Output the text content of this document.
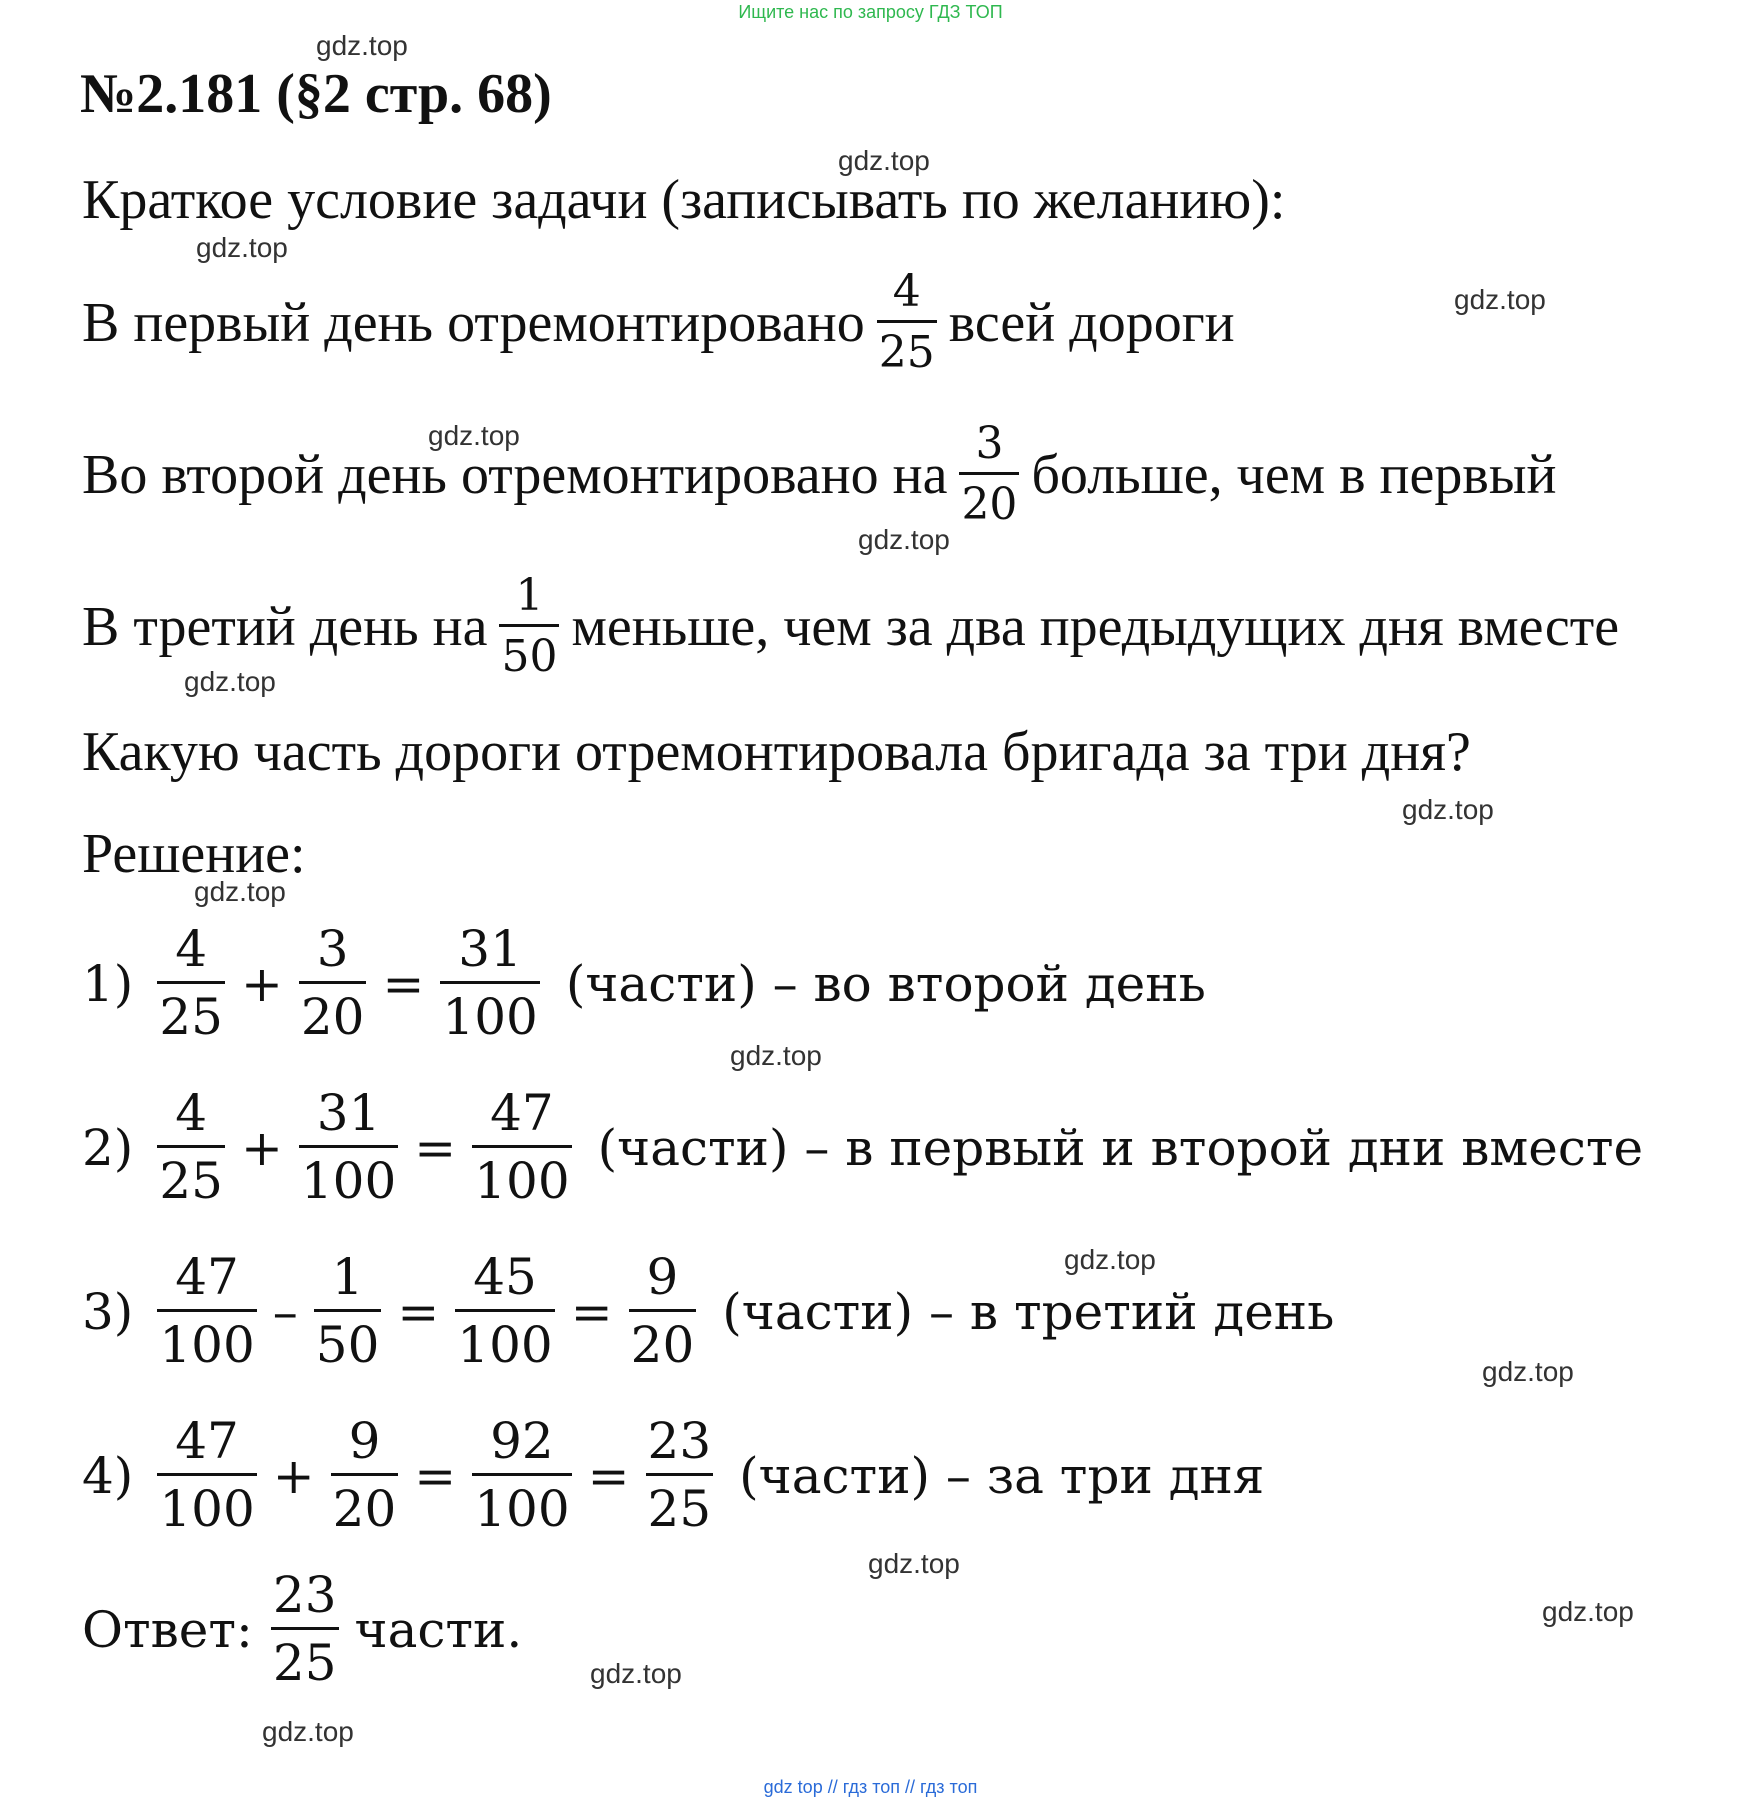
Ищите нас по запросу ГДЗ ТОП
№2.181 (§2 стр. 68)
Краткое условие задачи (записывать по желанию):
В первый день отремонтировано $\frac{4}{25}$ всей дороги
Во второй день отремонтировано на $\frac{3}{20}$ больше, чем в первый
В третий день на $\frac{1}{50}$ меньше, чем за два предыдущих дня вместе
Какую часть дороги отремонтировала бригада за три дня?
Решение:
$1) \frac{4}{25} + \frac{3}{20} = \frac{31}{100}$ (части) – во второй день
$2) \frac{4}{25} + \frac{31}{100} = \frac{47}{100}$ (части) – в первый и второй дни вместе
$3) \frac{47}{100} - \frac{1}{50} = \frac{45}{100} = \frac{9}{20}$ (части) – в третий день
$4) \frac{47}{100} + \frac{9}{20} = \frac{92}{100} = \frac{23}{25}$ (части) – за три дня
Ответ: $\frac{23}{25}$ части.
gdz.top
gdz.top
gdz.top
gdz.top
gdz.top
gdz.top
gdz.top
gdz.top
gdz.top
gdz.top
gdz.top
gdz.top
gdz.top
gdz.top
gdz.top
gdz.top
gdz top // гдз топ // гдз топ
